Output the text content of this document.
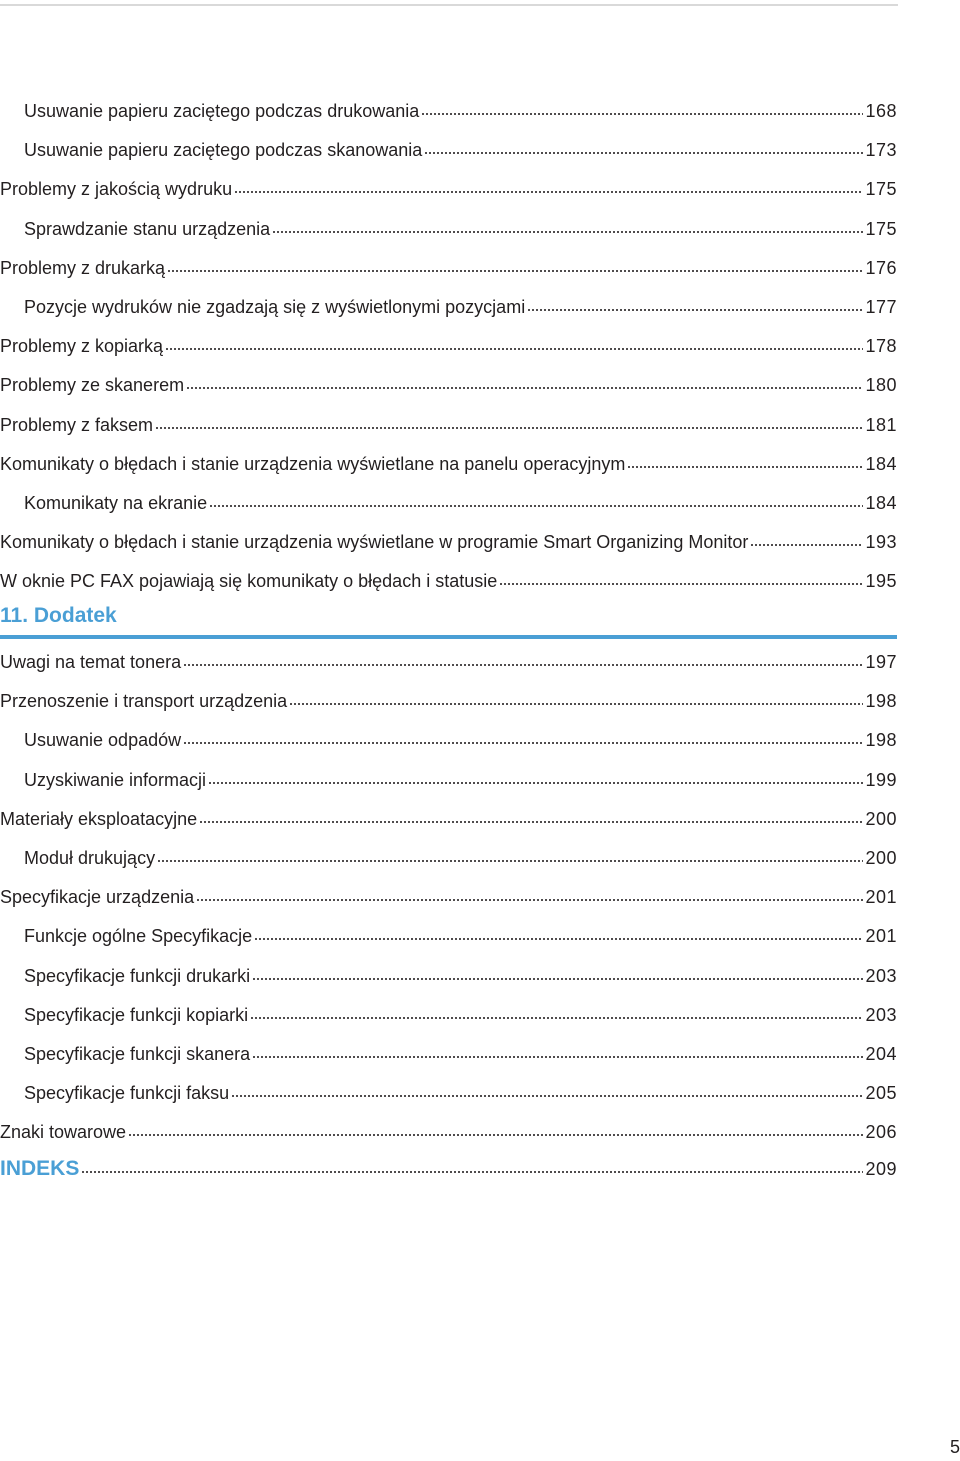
Usuwanie papieru zaciętego podczas drukowania	168
Usuwanie papieru zaciętego podczas skanowania	173
Problemy z jakością wydruku	175
Sprawdzanie stanu urządzenia	175
Problemy z drukarką	176
Pozycje wydruków nie zgadzają się z wyświetlonymi pozycjami	177
Problemy z kopiarką	178
Problemy ze skanerem	180
Problemy z faksem	181
Komunikaty o błędach i stanie urządzenia wyświetlane na panelu operacyjnym	184
Komunikaty na ekranie	184
Komunikaty o błędach i stanie urządzenia wyświetlane w programie Smart Organizing Monitor	193
W oknie PC FAX pojawiają się komunikaty o błędach i statusie	195
11. Dodatek
Uwagi na temat tonera	197
Przenoszenie i transport urządzenia	198
Usuwanie odpadów	198
Uzyskiwanie informacji	199
Materiały eksploatacyjne	200
Moduł drukujący	200
Specyfikacje urządzenia	201
Funkcje ogólne Specyfikacje	201
Specyfikacje funkcji drukarki	203
Specyfikacje funkcji kopiarki	203
Specyfikacje funkcji skanera	204
Specyfikacje funkcji faksu	205
Znaki towarowe	206
INDEKS	209
5
